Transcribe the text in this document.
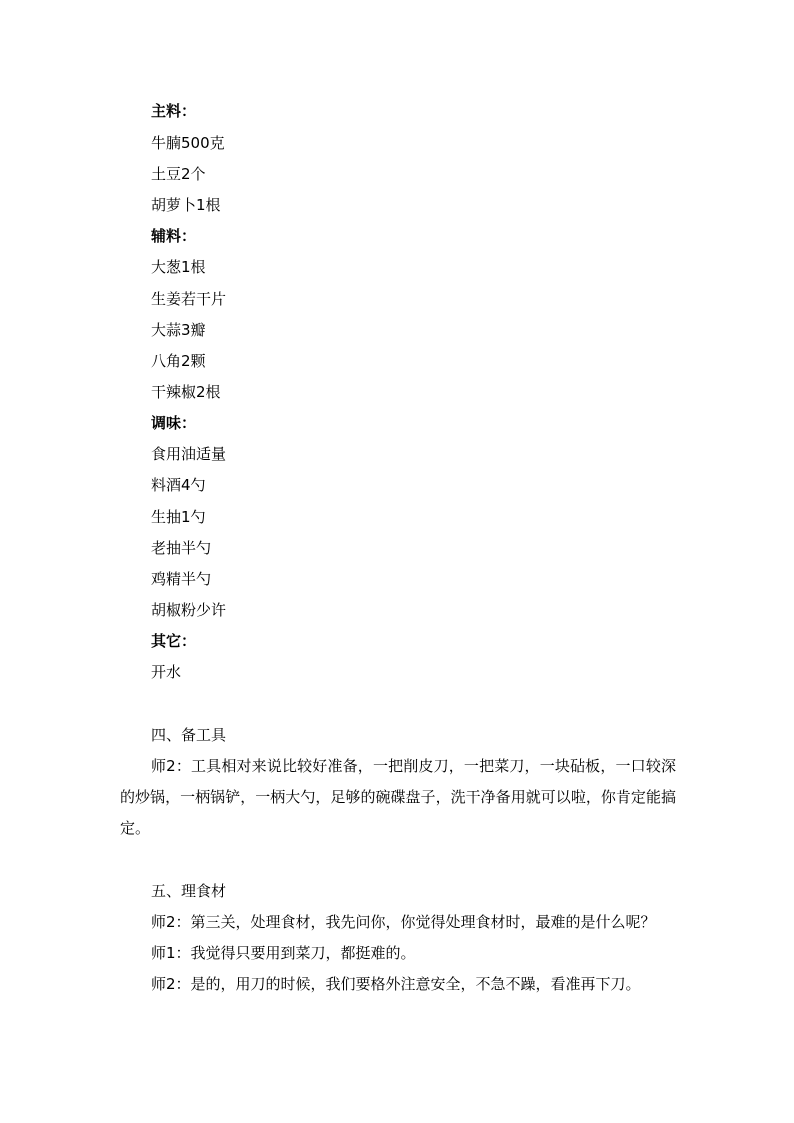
主料：
牛腩500克
土豆2个
胡萝卜1根
辅料：
大葱1根
生姜若干片
大蒜3瓣
八角2颗
干辣椒2根
调味：
食用油适量
料酒4勺
生抽1勺
老抽半勺
鸡精半勺
胡椒粉少许
其它：
开水
四、备工具
师2：工具相对来说比较好准备，一把削皮刀，一把菜刀，一块砧板，一口较深的炒锅，一柄锅铲，一柄大勺，足够的碗碟盘子，洗干净备用就可以啦，你肯定能搞定。
五、理食材
师2：第三关，处理食材，我先问你，你觉得处理食材时，最难的是什么呢？
师1：我觉得只要用到菜刀，都挺难的。
师2：是的，用刀的时候，我们要格外注意安全，不急不躁，看准再下刀。
